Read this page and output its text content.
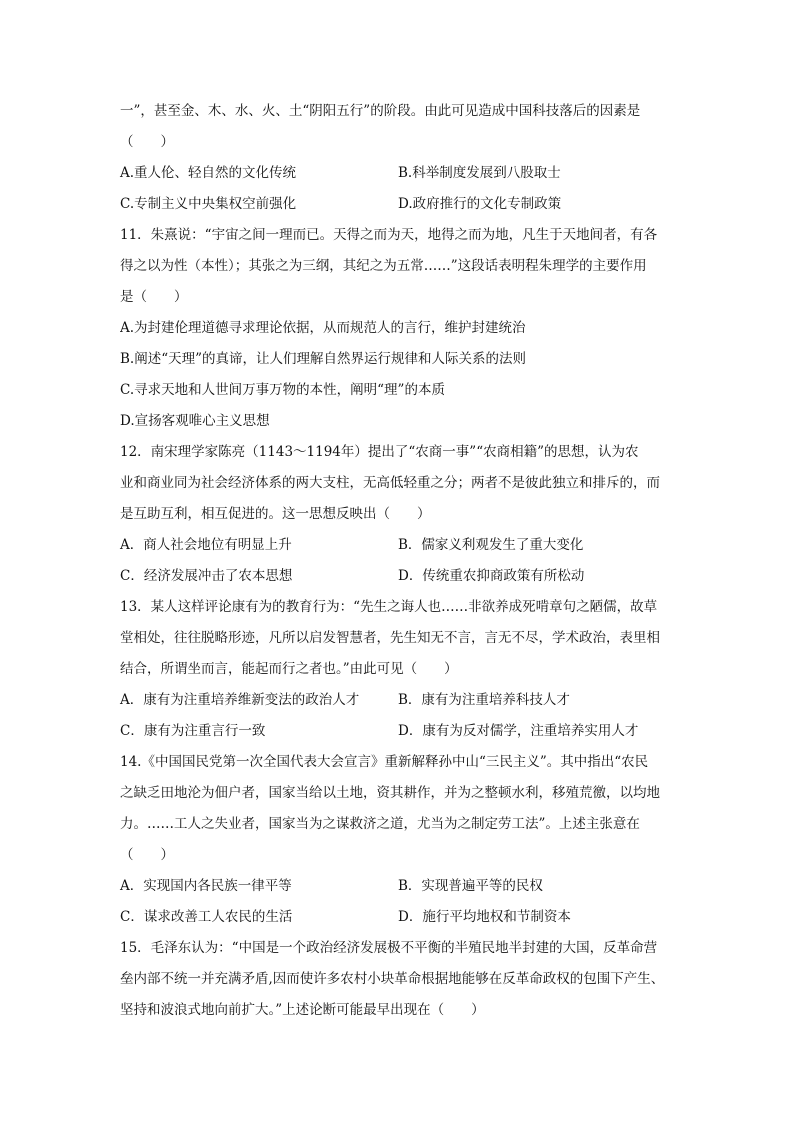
一”，甚至金、木、水、火、土“阴阳五行”的阶段。由此可见造成中国科技落后的因素是
（　　）
A.重人伦、轻自然的文化传统	B.科举制度发展到八股取士
C.专制主义中央集权空前强化	D.政府推行的文化专制政策
11．朱熹说：“宇宙之间一理而已。天得之而为天，地得之而为地，凡生于天地间者，有各
得之以为性（本性）；其张之为三纲，其纪之为五常……”这段话表明程朱理学的主要作用
是（　　）
A.为封建伦理道德寻求理论依据，从而规范人的言行，维护封建统治
B.阐述“天理”的真谛，让人们理解自然界运行规律和人际关系的法则
C.寻求天地和人世间万事万物的本性，阐明“理”的本质
D.宣扬客观唯心主义思想
12．南宋理学家陈亮（1143～1194年）提出了“农商一事”“农商相籍”的思想，认为农
业和商业同为社会经济体系的两大支柱，无高低轻重之分；两者不是彼此独立和排斥的，而
是互助互利，相互促进的。这一思想反映出（　　）
A．商人社会地位有明显上升	B．儒家义利观发生了重大变化
C．经济发展冲击了农本思想	D．传统重农抑商政策有所松动
13．某人这样评论康有为的教育行为：“先生之诲人也……非欲养成死啃章句之陋儒，故草
堂相处，往往脱略形迹，凡所以启发智慧者，先生知无不言，言无不尽，学术政治，表里相
结合，所谓坐而言，能起而行之者也。”由此可见（　　）
A．康有为注重培养维新变法的政治人才	B．康有为注重培养科技人才
C．康有为注重言行一致	D．康有为反对儒学，注重培养实用人才
14.《中国国民党第一次全国代表大会宣言》重新解释孙中山“三民主义”。其中指出“农民
之缺乏田地沦为佃户者，国家当给以土地，资其耕作，并为之整顿水利，移殖荒徼，以均地
力。……工人之失业者，国家当为之谋救济之道，尤当为之制定劳工法”。上述主张意在
（　　）
A．实现国内各民族一律平等	B．实现普遍平等的民权
C．谋求改善工人农民的生活	D．施行平均地权和节制资本
15．毛泽东认为：“中国是一个政治经济发展极不平衡的半殖民地半封建的大国，反革命营
垒内部不统一并充满矛盾,因而使许多农村小块革命根据地能够在反革命政权的包围下产生、
坚持和波浪式地向前扩大。”上述论断可能最早出现在（　　）
